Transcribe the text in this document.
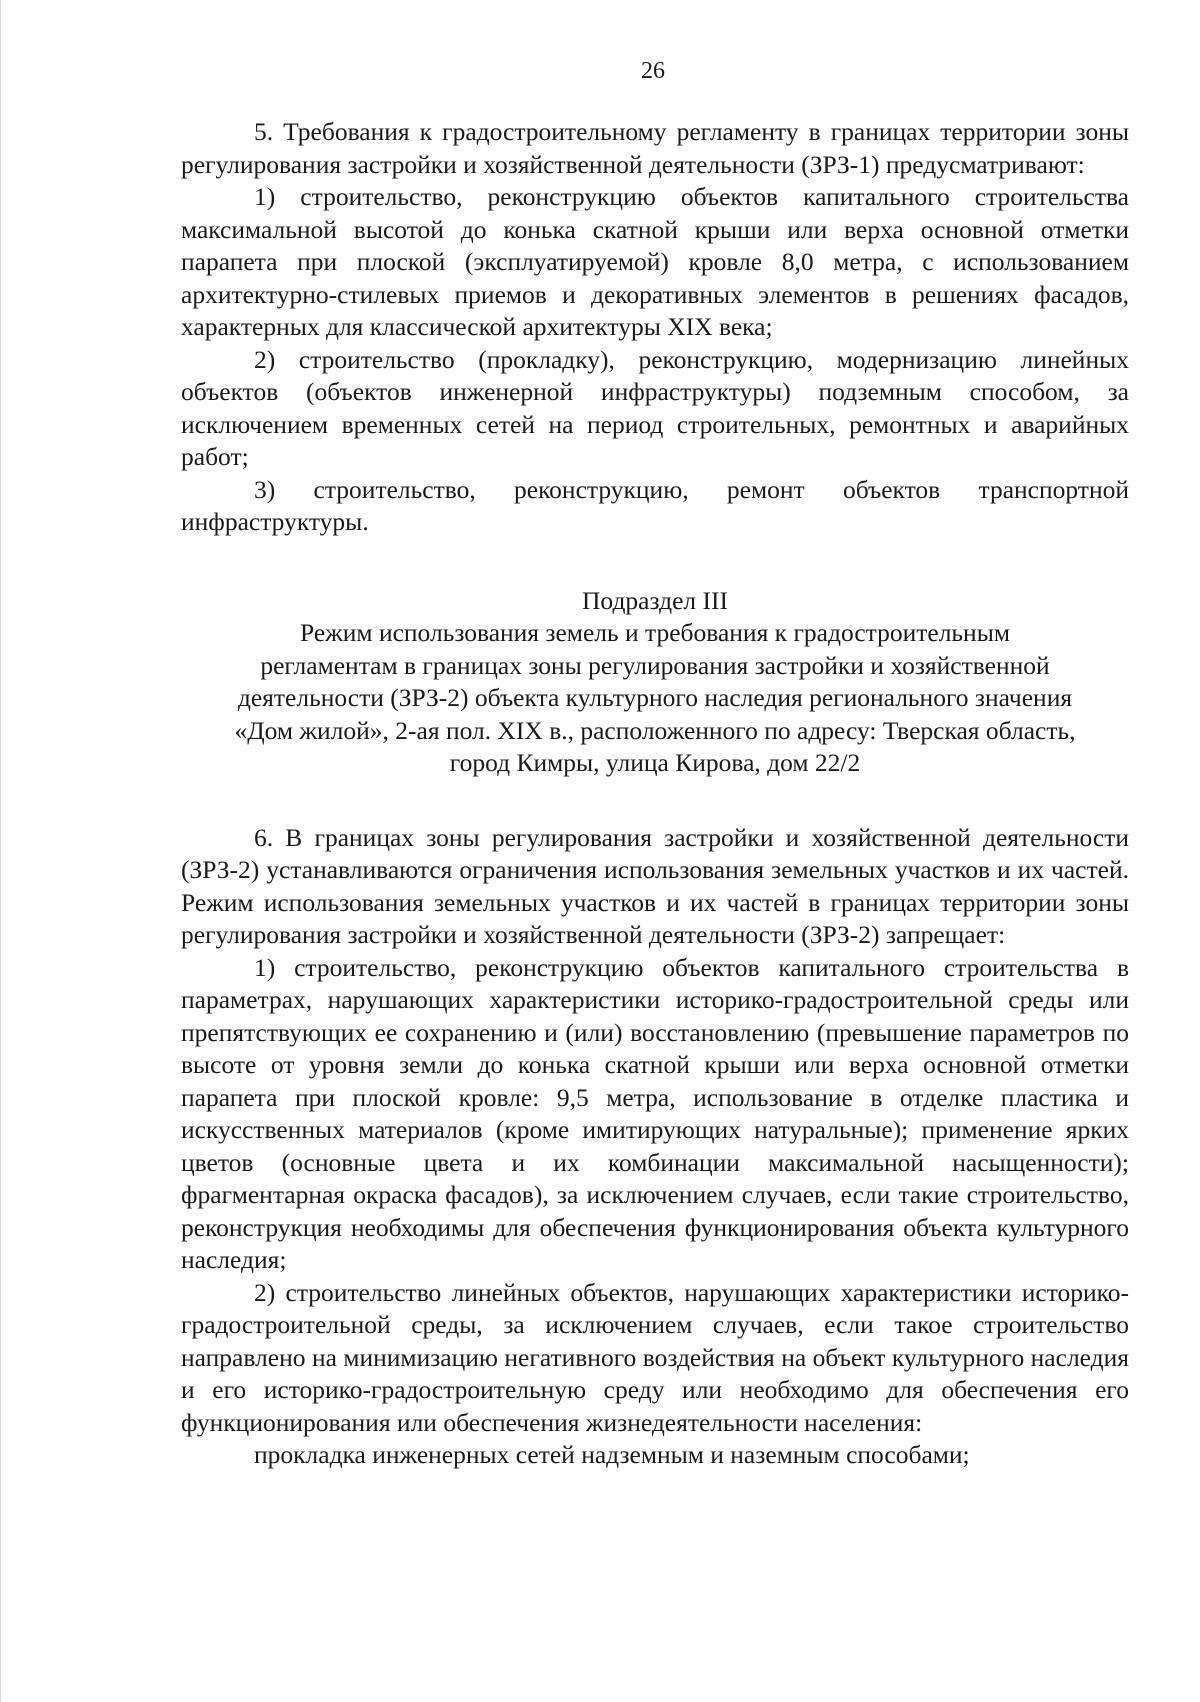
26

5. Требования к градостроительному регламенту в границах территории зоны регулирования застройки и хозяйственной деятельности (ЗРЗ-1) предусматривают:

1) строительство, реконструкцию объектов капитального строительства максимальной высотой до конька скатной крыши или верха основной отметки парапета при плоской (эксплуатируемой) кровле 8,0 метра, с использованием архитектурно-стилевых приемов и декоративных элементов в решениях фасадов, характерных для классической архитектуры XIX века;

2) строительство (прокладку), реконструкцию, модернизацию линейных объектов (объектов инженерной инфраструктуры) подземным способом, за исключением временных сетей на период строительных, ремонтных и аварийных работ;

3) строительство, реконструкцию, ремонт объектов транспортной инфраструктуры.

Подраздел III
Режим использования земель и требования к градостроительным
регламентам в границах зоны регулирования застройки и хозяйственной
деятельности (ЗРЗ-2) объекта культурного наследия регионального значения
«Дом жилой», 2-ая пол. XIX в., расположенного по адресу: Тверская область,
город Кимры, улица Кирова, дом 22/2

6. В границах зоны регулирования застройки и хозяйственной деятельности (ЗРЗ-2) устанавливаются ограничения использования земельных участков и их частей. Режим использования земельных участков и их частей в границах территории зоны регулирования застройки и хозяйственной деятельности (ЗРЗ-2) запрещает:

1) строительство, реконструкцию объектов капитального строительства в параметрах, нарушающих характеристики историко-градостроительной среды или препятствующих ее сохранению и (или) восстановлению (превышение параметров по высоте от уровня земли до конька скатной крыши или верха основной отметки парапета при плоской кровле: 9,5 метра, использование в отделке пластика и искусственных материалов (кроме имитирующих натуральные); применение ярких цветов (основные цвета и их комбинации максимальной насыщенности); фрагментарная окраска фасадов), за исключением случаев, если такие строительство, реконструкция необходимы для обеспечения функционирования объекта культурного наследия;

2) строительство линейных объектов, нарушающих характеристики историко-градостроительной среды, за исключением случаев, если такое строительство направлено на минимизацию негативного воздействия на объект культурного наследия и его историко-градостроительную среду или необходимо для обеспечения его функционирования или обеспечения жизнедеятельности населения:

прокладка инженерных сетей надземным и наземным способами;
